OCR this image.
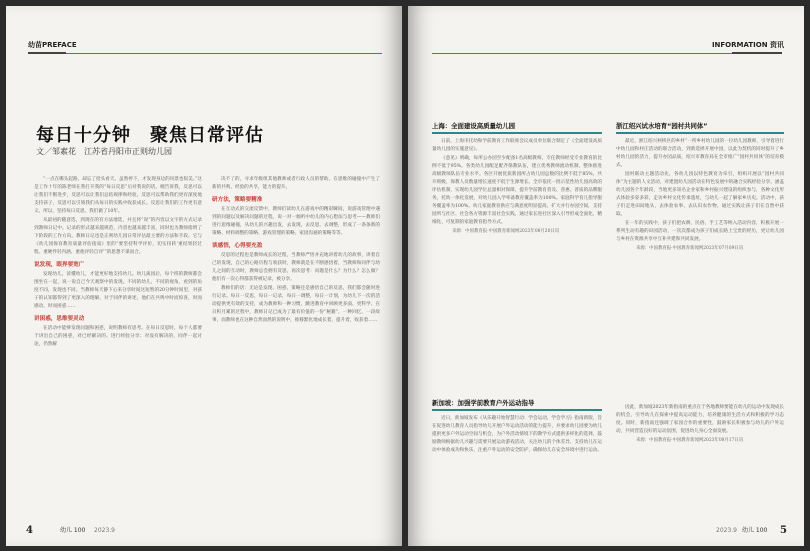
幼苗PREFACE
每日十分钟　聚焦日常评估
文／邹素花　江苏省丹阳市正则幼儿园

“一点在哪头起路，却忘了拾头看天。虽然停下，才发现身边的风景也很美。”这是工作十年的陈老师在我打开我的“每日反思”后对我说的话。她告诉我，反思可以让我们不断进步，反思可以让我们总结规律和经验，反思可以帮助我们更有深度地支持孩子，反思可以引领我们从每日的实践中收获成长。反思让我们的工作更有意义。所以，坚持每日反思，我们做了10年。

从最初的随意选，到现在的有方法地选，并且将“说”的内容以文字的方式记录到教师日记中。记录的形式越来越规范，内容也越来越丰富，同时也为教师指明了下阶段的工作方向。教师日记也是正则幼儿园日常评估最主要的方法和手段。它与《幼儿园保育教育质量评估指南》里的“要坚持科学评价，切实扭转‘重结果轻过程、重硬件轻内涵、重他评轻自评’”的思想不谋而合。

说发现，眼界要宽广

发现幼儿，读懂幼儿，才能更好地支持幼儿。幼儿离园后，每个班的教师都会围坐在一起，说一说自己今天观察中的发现。不同的幼儿，不同的视角，看到的角度不同，发现也不同。当教师每天静下心来分享时间这短暂的20分钟时间里，对孩子的认知都得到了更深入的理解，对于同伴的讲述，他们在共鸣中时而惊喜，时而感动，时而困惑……

讲困惑，思维要灵动

在活动中能够发现问题和困惑，说明教师有思考。在每日反思时，每个人都要于讲出自己的困惑，对已经解决的、进行经验分享；对没有解决的，同伴一起讨论，仍然解

决不了的，寻求年级组其他教师或者行政人员的帮助。在思维的碰撞中产生了新的共鸣、经验的共享，能力的提升。

研方法，策略要精准

在互动式的交流反馈中，教师们读幼儿在游戏中的精彩瞬间，说游戏管理中遇到的问题以及解决问题的过程，说一对一倾听中幼儿的内心想法与思考——教师们进行思维碰撞，从幼儿的兴趣出发，去发现，去反思，去调整，形成了一条条新的策略、材料调整的策略、游戏管理的策略、家园沟通的策略等等。

谈感悟，心得要充盈

反思的过程也是教师成长的过程，当教师严悟并充地讲着幼儿的故事，讲着自己的发现，自己的心路历程与收获时，教师就是在不断感悟着，当教师和同伴与幼儿之间的互动时，教师总会拥有反思，再次思考：问题是什么？为什么？怎么做？他们有一次心得都获得被记录，被分享。

教师们的话：无论是发现、困惑、策略还是感悟自己的反思，我们都会随时进行记录。每日一反思，每日一记录，每日一调整，每日一计划，为幼儿下一次的活动提供更有效的支持，成为教师和一种习惯，跳进教育中回顾更多面、更科学、在日积月累的过程中，教师日记已成为了最有价值的一份“秘籍”，一种回忆，一段故事，而教师也在这种自然而然的说明中，推移默化地成长着，提升着，收获着……

4	幼儿 100 2023.9
INFORMATION 资讯
上海：全面建设高质量幼儿园

日前，上海市托幼和学前教育工作联席会议成员单位联合制定了《全面建设高质量幼儿园的实施意见》。

《意见》明确，每所公办园至少配备1名高级教师，专任教师经受专业教育的比例不低于95%。各类幼儿园配足配齐保教队伍，建立优秀教师流动机制，整体推进高级教师队伍专业水平。各区开展优质新园所占幼儿园总数的比例不低于85%，共开班级，保教人员数量增长速度不低于生源增长。全市依托一批示范性幼儿园高效的评估机制，实现幼儿园学位总量相对保障，提升学前教育普及、普惠、普质的品牌服务。托幼一体化发展，对幼儿园入学率备教育覆盖率为100%。家庭科学育儿指导服务覆盖率为100%。幼儿家庭教育供应与满意度明显提高。扩大并行办园空间，支持园所与社区、社会各方资源丰富社会实践，通过家长进社区深入引导形成全面化、精细化、可复制的家庭教育指导方式。

来源：中国教育报·中国教育新闻网2023年08月20日讯

浙江绍兴试水培育“园村共同体”

最近，浙江绍兴柯桥区的乡村“一所乡村幼儿园的一位幼儿园教师，引导着进行中幼儿园和村庄活动的联合活动，到新选择开展中园，以此为契机的同时提升了乡村幼儿园的活力，提升办园品质，绍兴市教育局在全市推广“园村共同体”的培育模式。

园村联动主题活动先，各幼儿园以特色教育为牵引，组织开展以“园村共同体”为主题的人文活动，对建置幼儿园活动在特色发展中的融合实践经验分享，涵盖幼儿园各个年龄段，当地更多知名企业家和乡村振兴建设的组织参与，各种文化形式体验多姿多彩，走访乡村文化传承遗址，与幼儿一起了解家乡历史。活动中，孩子们走进田间地头，去体验农事、去认识农作物，通过实践让孩子们在自然中获取。

在一年的实践中，孩子们把农耕、民俗、手工艺等纳入活动内容，积极开展一系列生动有趣的田园活动，一次次都成为孩子们成长路上宝贵的经历，更让幼儿园与乡村在资源共享中互补共建和共同发展。

来源：中国教育报·中国教育新闻网2023年07月09日讯

新加坡：加强学前教育户外运动指导

近日，新加坡发布《从乐趣开始智慧行动：学会运动，学会学习》指南新版，旨在促进幼儿教育人员指导幼儿开展户外运动活动的能力提升，并要求幼儿园要为幼儿提供更多户外运动空间与机会，为户外活动情境下的教学方式提供多样化的选择，鼓励教师根据幼儿兴趣与需要开展运动游戏活动，关注幼儿的个体差异，支持幼儿在运动中体验成功和快乐，注重户外运动的安全防护，确保幼儿在安全环境中进行运动。

因此，新加坡2023年新指南的重点在于各地教师要能在幼儿的运动中发现成长的机会，引导幼儿在探索中提高运动能力，培养健康的生活方式和积极的学习态度。同时，新指南还强调了家园合作的重要性，鼓励家长积极参与幼儿的户外运动，共同营造良好的运动氛围，促进幼儿身心全面发展。

来源：中国教育报·中国教育新闻网2023年08月17日讯

2023.9 幼儿 100 5
